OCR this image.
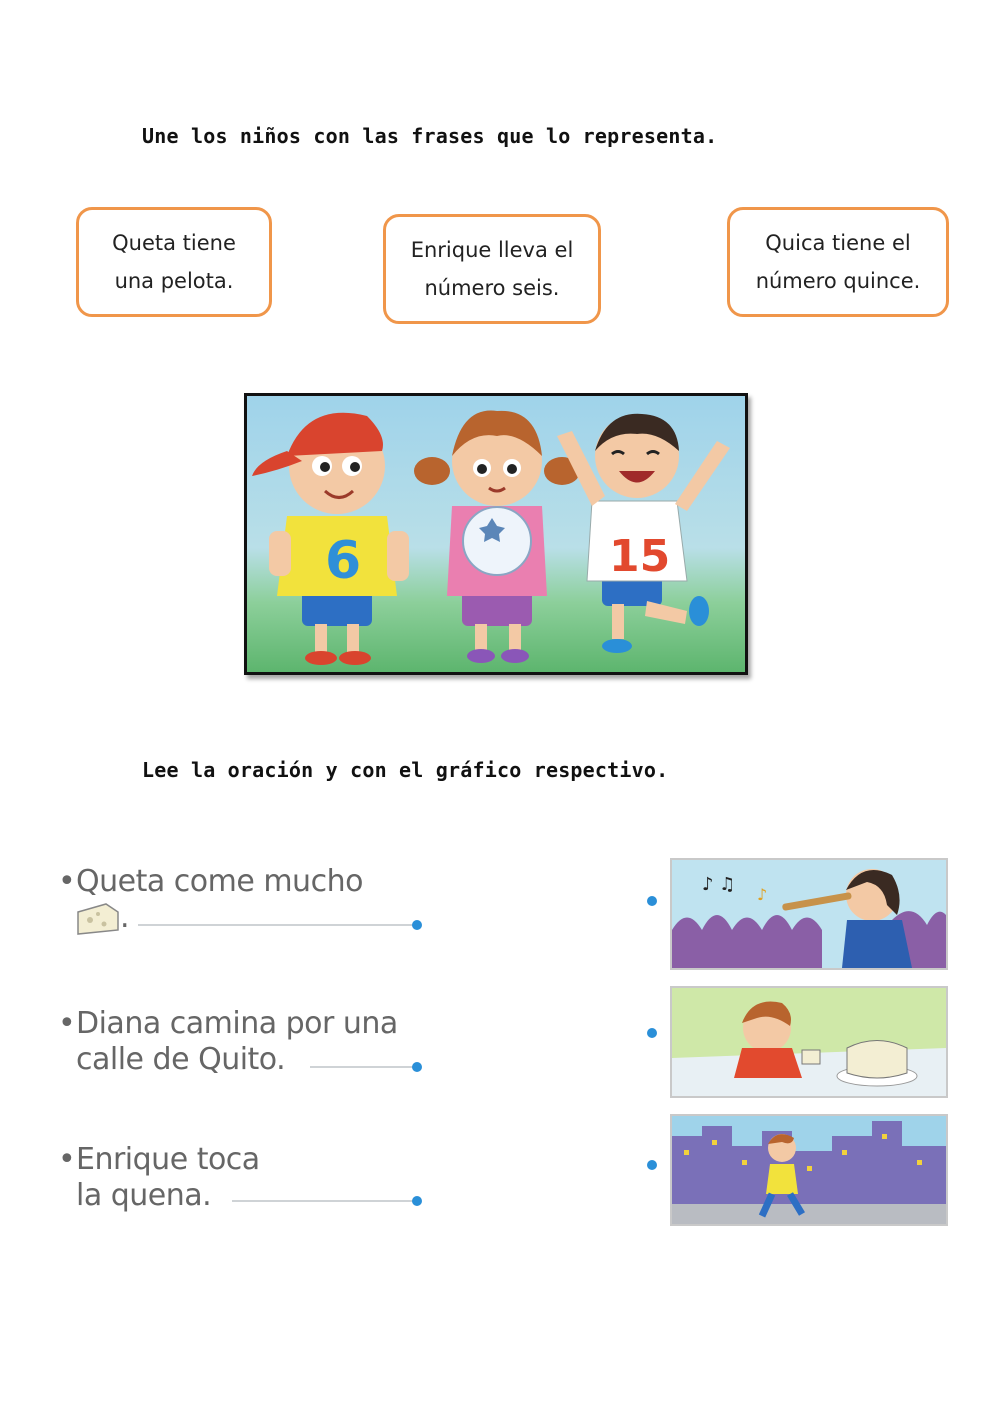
Une los niños con las frases que lo representa.
Queta tiene
una pelota.
Enrique lleva el
número seis.
Quica tiene el
número quince.
6	15
Lee la oración y con el gráfico respectivo.
•Queta come mucho
.
•Diana camina por una
calle de Quito.
•Enrique toca
la quena.
♪ ♫ ♪
